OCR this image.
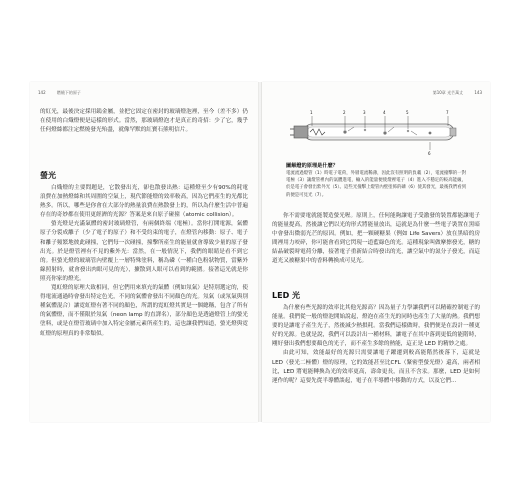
142	燃燒下的原子

的紅光，最後決定採用鎢金屬，並把它固定在密封的玻璃燈泡裡，至今（差不多）仍在使用的白熾燈便是這樣的形式。當然，那玻璃燈泡才是真正的奇招：少了它，幾乎任何燈絲都注定燃燒發光殆盡，就像罕默的紅寶石熊明信片。

螢光

白熾燈的主要問題是，它散發出光，卻也散發出熱：這種燈至少有90%的耗電浪費在加熱燈絲和其周圍的空氣上，現代節能燈的效率較高，因為它們產生的光都比熱多。所以，哪些是你會在大部分的熱量浪費在熱散發上的，所以為什麼生活中普遍存在的奇妙都在使用更經濟的光源？答案是來自原子碰撞（atomic collision）。

螢光燈是充滿氣體的密封玻璃燈管，有兩個終端（電極）。當你打開電源，氣體原子分裂成離子（少了電子的原子）和不受約束的電子，在燈管內移動：原子、電子和離子頻繁地彼此碰撞，它們每一次碰撞，撞擊所產生的能量就會導致少量的原子發出光。於是燈管裡有不見的紫外光：當然，在一般情況下，我們的眼睛是看不到它的。但螢光燈的玻璃管內壁覆上一層特殊塗料，稱為磷（一種白色粉狀物質，當紫外線照射時，就會發出肉眼可見的光），擴散到人眼可以看到的範圍。接著這光就是你照亮你家的燈光。

寬虹燈的原理大致相同，但它們用來填充的氣體（例如氖氣）是特別選定的，使得電流通過時會發出特定色光，不同的氣體會發出不同顏色的光。氖氣（或氖氣與別種氣體混合）讓霓虹燈有著不同的顏色，所謂的霓虹燈其實是一個總稱，包含了所有的氣體燈，而不僅限於氖氣（neon lamp 的直譯名），部分顏色是透過燈管上的螢光塗料，或是在燈管玻璃中加入特定金屬元素所產生的，這也讓我們知道，螢光燈與霓虹燈的原理真的非常類似。

第10章 光芒萬丈	143
1	2	3	4	5
6
7
圖解燈的原理是什麼？
電流流過燈管（1）時電子電荷，外層電流稀薄，因此沒有照明的負載（2），電流撞擊的一對電極（3）讓燈管裡內的氣體進電，輸入的能量便使燈裡電子（4）進入不穩定的較高能級，於是電子會發出紫外光（5）。這些光撞擊上燈管內壁塗佈的磷（6）使其發光，最後我們看到的便是可見光（7）。

你不需要電就能製造螢光喔。原則上，任何能夠讓電子受激發的裝置都能讓電子的能量提高，然後讓它們以光的形式將能量放出，這就是為什麼一些電子裝置在黑暗中會發出微弱光芒的原因。例如，把一顆硬糖果（例如 Life Savers）放在黑暗的房間裡用力咬碎，你可能會看到它閃現一道藍綠色的光。這種現象叫做摩擦發光，糖的結晶破裂時電荷分離，接著電子重新結合時發出的光，讓空氣中的氮分子發光，而這道光又被糖果中的香料轉換成可見光。

LED 光

為什麼有些光源的效率比其他光源高？因為量子力學讓我們可以精確控制電子的能量。我們從一般的燈泡開始說起，燈泡在產生光的同時也產生了大量的熱。我們想要的是讓電子產生光子，然後減少熱損耗。當我們這樣做時，我們便是在設計一種更好的光源。也就是說，我們可以設計出一種材料，讓電子在其中落到更低的能階時，剛好發出我們想要顏色的光子，而不產生多餘的熱能，這正是 LED 的精妙之處。

由此可知，效能最好的光源只需要讓電子躍遷到較高能階然後落下，這就是 LED（發光二極體）燈的原理，它的效能甚至比CFL（緊密型螢光燈）還高，兩者相比，LED 將電能轉換為光的效率更高，壽命更長，而且不含汞。那麼，LED 是如何運作的呢？這要先從半導體談起，電子在半導體中移動的方式，以及它們...
